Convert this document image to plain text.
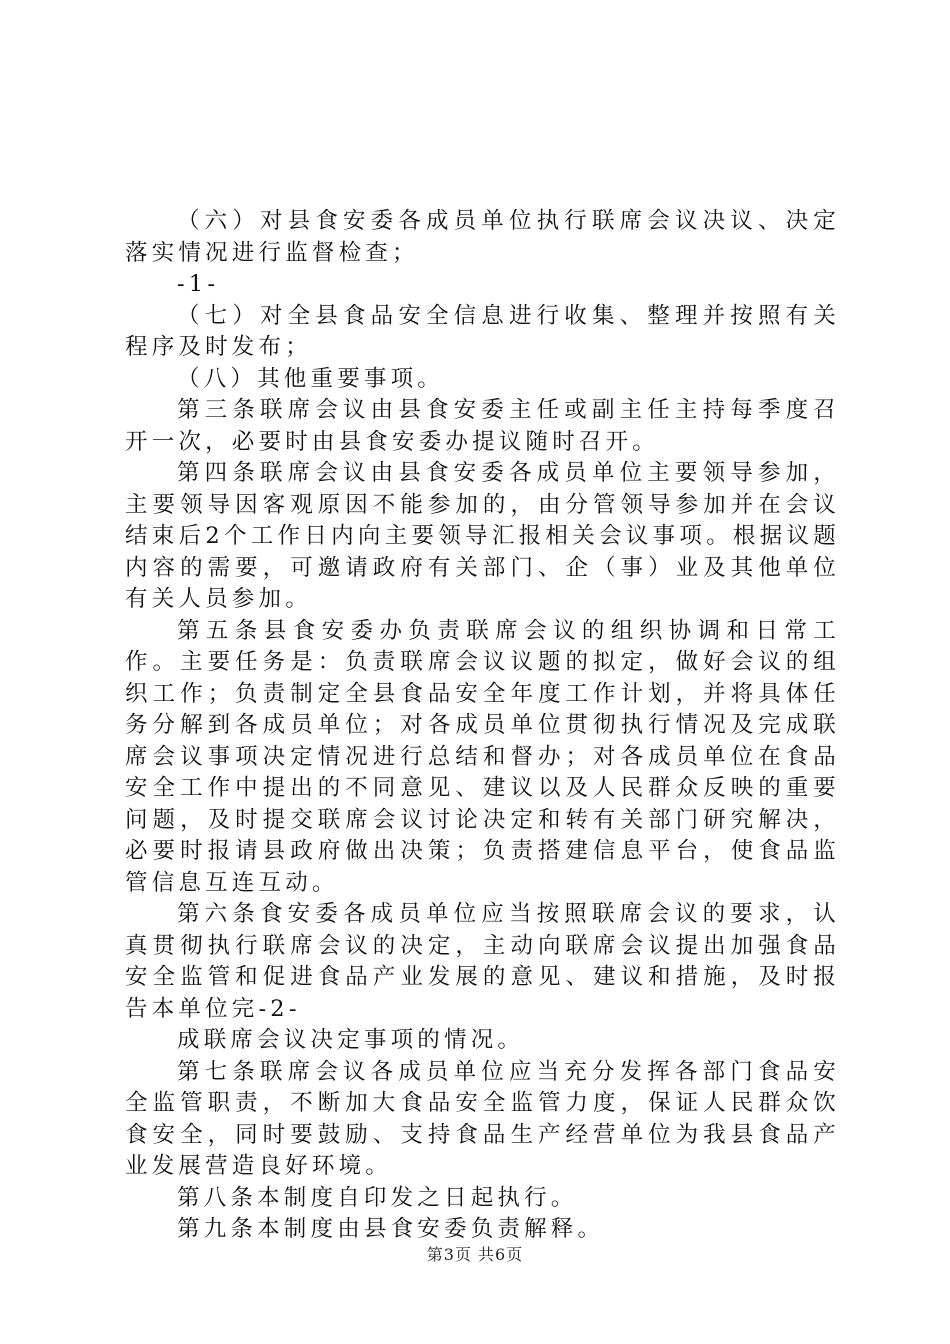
（六）对县食安委各成员单位执行联席会议决议、决定落实情况进行监督检查；

-1-

（七）对全县食品安全信息进行收集、整理并按照有关程序及时发布；

（八）其他重要事项。

第三条联席会议由县食安委主任或副主任主持每季度召开一次，必要时由县食安委办提议随时召开。

第四条联席会议由县食安委各成员单位主要领导参加，主要领导因客观原因不能参加的，由分管领导参加并在会议结束后2个工作日内向主要领导汇报相关会议事项。根据议题内容的需要，可邀请政府有关部门、企（事）业及其他单位有关人员参加。

第五条县食安委办负责联席会议的组织协调和日常工作。主要任务是：负责联席会议议题的拟定，做好会议的组织工作；负责制定全县食品安全年度工作计划，并将具体任务分解到各成员单位；对各成员单位贯彻执行情况及完成联席会议事项决定情况进行总结和督办；对各成员单位在食品安全工作中提出的不同意见、建议以及人民群众反映的重要问题，及时提交联席会议讨论决定和转有关部门研究解决，必要时报请县政府做出决策；负责搭建信息平台，使食品监管信息互连互动。

第六条食安委各成员单位应当按照联席会议的要求，认真贯彻执行联席会议的决定，主动向联席会议提出加强食品安全监管和促进食品产业发展的意见、建议和措施，及时报告本单位完-2-

成联席会议决定事项的情况。

第七条联席会议各成员单位应当充分发挥各部门食品安全监管职责，不断加大食品安全监管力度，保证人民群众饮食安全，同时要鼓励、支持食品生产经营单位为我县食品产业发展营造良好环境。

第八条本制度自印发之日起执行。

第九条本制度由县食安委负责解释。

第3页 共6页
